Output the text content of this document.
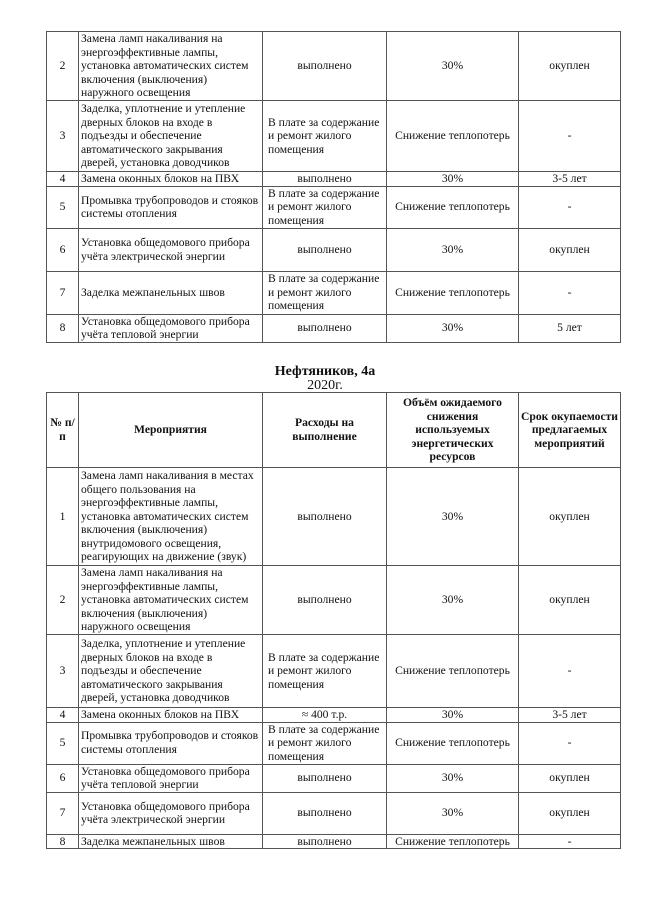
2	Замена ламп накаливания на энергоэффективные лампы, установка автоматических систем включения (выключения) наружного освещения	выполнено	30%	окуплен
3	Заделка, уплотнение и утепление дверных блоков на входе в подъезды и обеспечение автоматического закрывания дверей, установка доводчиков	В плате за содержание и ремонт жилого помещения	Снижение теплопотерь	-
4	Замена оконных блоков на ПВХ	выполнено	30%	3-5 лет
5	Промывка трубопроводов и стояков системы отопления	В плате за содержание и ремонт жилого помещения	Снижение теплопотерь	-
6	Установка общедомового прибора учёта электрической энергии	выполнено	30%	окуплен
7	Заделка межпанельных швов	В плате за содержание и ремонт жилого помещения	Снижение теплопотерь	-
8	Установка общедомового прибора учёта тепловой энергии	выполнено	30%	5 лет
Нефтяников, 4а
2020г.
№ п/п	Мероприятия	Расходы на выполнение	Объём ожидаемого снижения используемых энергетических ресурсов	Срок окупаемости предлагаемых мероприятий
1	Замена ламп накаливания в местах общего пользования на энергоэффективные лампы, установка автоматических систем включения (выключения) внутридомового освещения, реагирующих на движение (звук)	выполнено	30%	окуплен
2	Замена ламп накаливания на энергоэффективные лампы, установка автоматических систем включения (выключения) наружного освещения	выполнено	30%	окуплен
3	Заделка, уплотнение и утепление дверных блоков на входе в подъезды и обеспечение автоматического закрывания дверей, установка доводчиков	В плате за содержание и ремонт жилого помещения	Снижение теплопотерь	-
4	Замена оконных блоков на ПВХ	≈ 400 т.р.	30%	3-5 лет
5	Промывка трубопроводов и стояков системы отопления	В плате за содержание и ремонт жилого помещения	Снижение теплопотерь	-
6	Установка общедомового прибора учёта тепловой энергии	выполнено	30%	окуплен
7	Установка общедомового прибора учёта электрической энергии	выполнено	30%	окуплен
8	Заделка межпанельных швов	выполнено	Снижение теплопотерь	-
